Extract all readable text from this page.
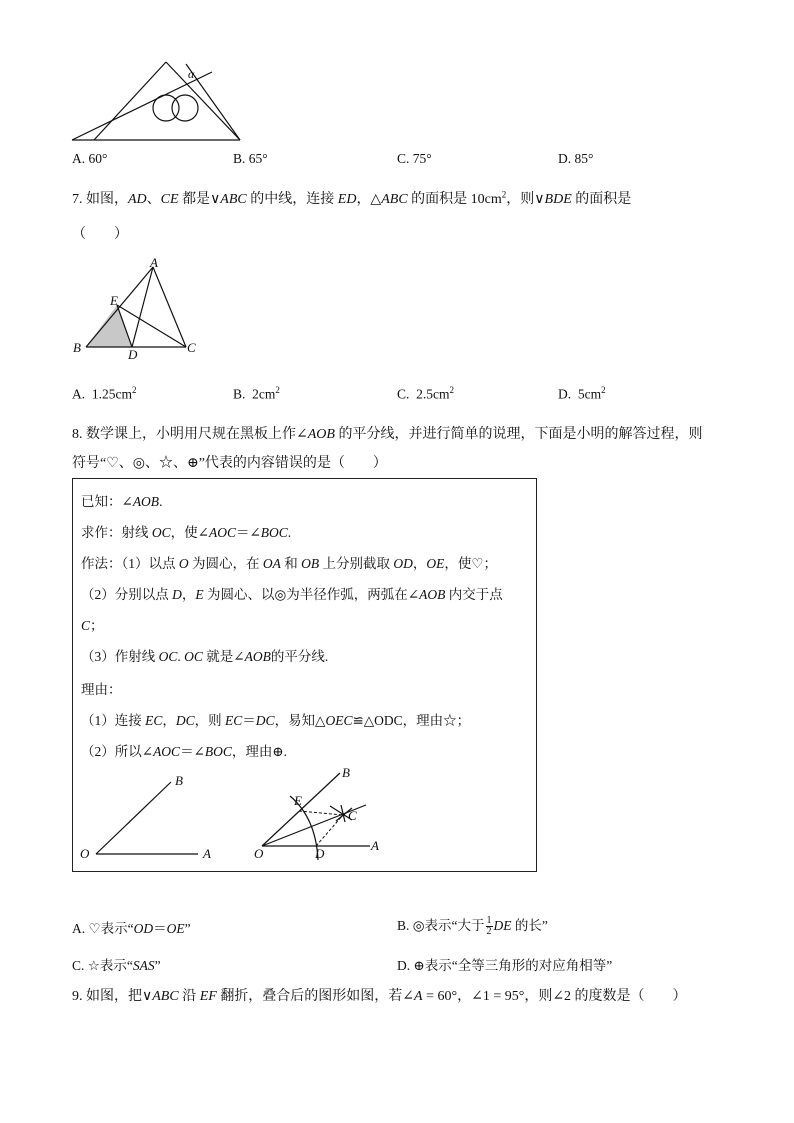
α
A. 60°	B. 65°	C. 75°	D. 85°
7. 如图，AD、CE 都是∨ABC 的中线，连接 ED，△ABC 的面积是 $10cm^2$，则∨BDE 的面积是
（　　）
A
E
B	D	C
A. $1.25cm^2$	B. $2cm^2$	C. $2.5cm^2$	D. $5cm^2$
8. 数学课上，小明用尺规在黑板上作∠AOB 的平分线，并进行简单的说理，下面是小明的解答过程，则
符号“♡、◎、☆、⊕”代表的内容错误的是（　　）
已知：∠AOB.
求作：射线 OC，使∠AOC＝∠BOC.
作法：（1）以点 O 为圆心，在 OA 和 OB 上分别截取 OD，OE，使♡；
（2）分别以点 D，E 为圆心、以◎为半径作弧，两弧在∠AOB 内交于点
C；
（3）作射线 OC. OC 就是∠AOB的平分线.
理由：
（1）连接 EC，DC，则 EC＝DC，易知△OEC≌△ODC，理由☆；
（2）所以∠AOC＝∠BOC，理由⊕.
B
O	A
B
E
C
O	D
A
A. ♡表示“OD＝OE”	B. ◎表示“大于 $\frac{1}{2}$ DE 的长”
C. ☆表示“SAS”	D. ⊕表示“全等三角形的对应角相等”
9. 如图，把∨ABC 沿 EF 翻折，叠合后的图形如图，若∠A = 60°，∠1 = 95°，则∠2 的度数是（　　）
